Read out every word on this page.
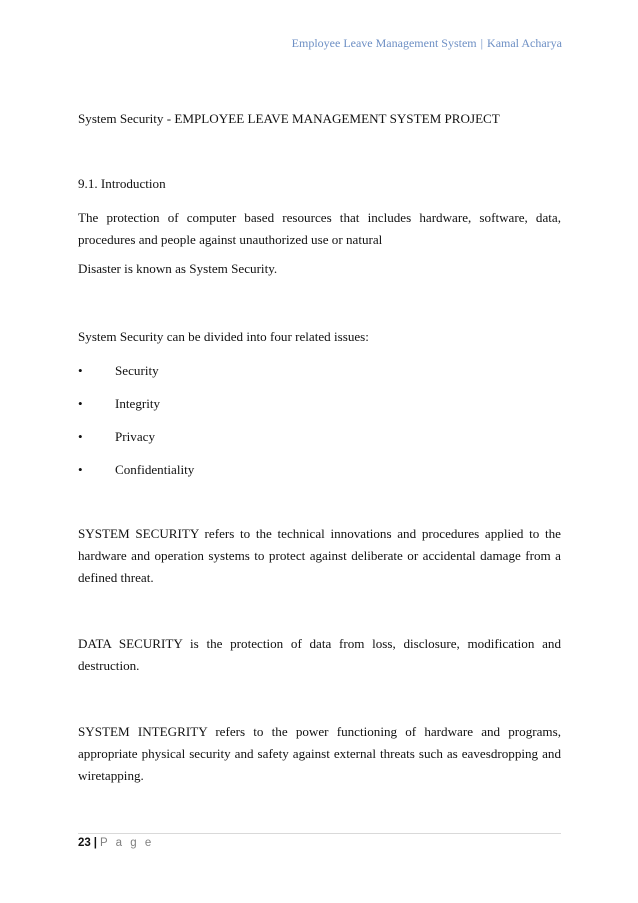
Employee Leave Management System | Kamal Acharya

System Security - EMPLOYEE LEAVE MANAGEMENT SYSTEM PROJECT

9.1. Introduction

The protection of computer based resources that includes hardware, software, data, procedures and people against unauthorized use or natural

Disaster is known as System Security.

System Security can be divided into four related issues:

• Security
• Integrity
• Privacy
• Confidentiality

SYSTEM SECURITY refers to the technical innovations and procedures applied to the hardware and operation systems to protect against deliberate or accidental damage from a defined threat.

DATA SECURITY is the protection of data from loss, disclosure, modification and destruction.

SYSTEM INTEGRITY refers to the power functioning of hardware and programs, appropriate physical security and safety against external threats such as eavesdropping and wiretapping.

23 | P a g e
